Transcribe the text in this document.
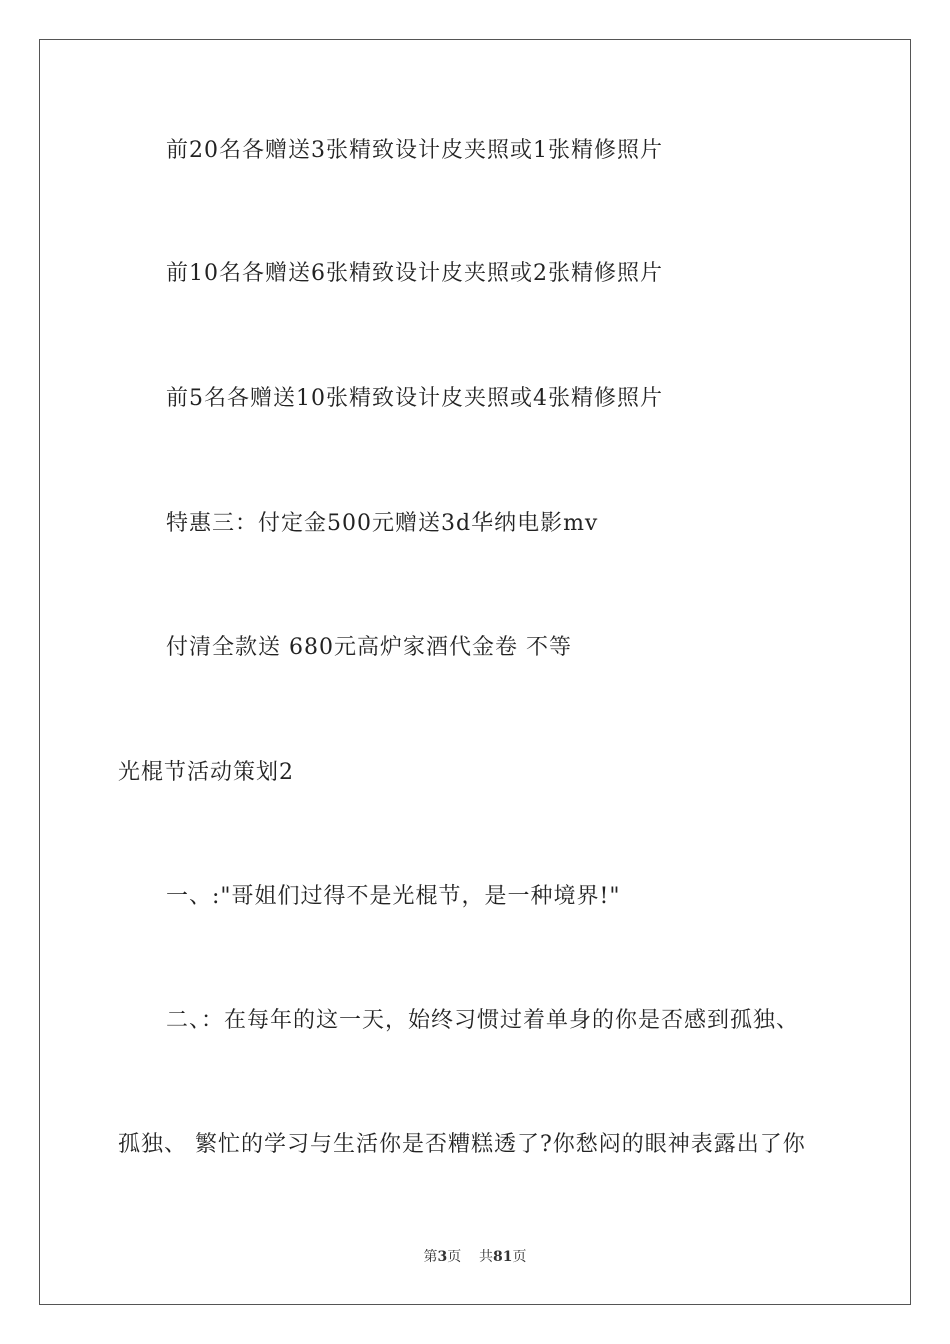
前20名各赠送3张精致设计皮夹照或1张精修照片
前10名各赠送6张精致设计皮夹照或2张精修照片
前5名各赠送10张精致设计皮夹照或4张精修照片
特惠三：付定金500元赠送3d华纳电影mv
付清全款送 680元高炉家酒代金卷 不等
光棍节活动策划2
一、:"哥姐们过得不是光棍节，是一种境界!"
二、：在每年的这一天，始终习惯过着单身的你是否感到孤独、
孤独、 繁忙的学习与生活你是否糟糕透了?你愁闷的眼神表露出了你
第3页 共81页
